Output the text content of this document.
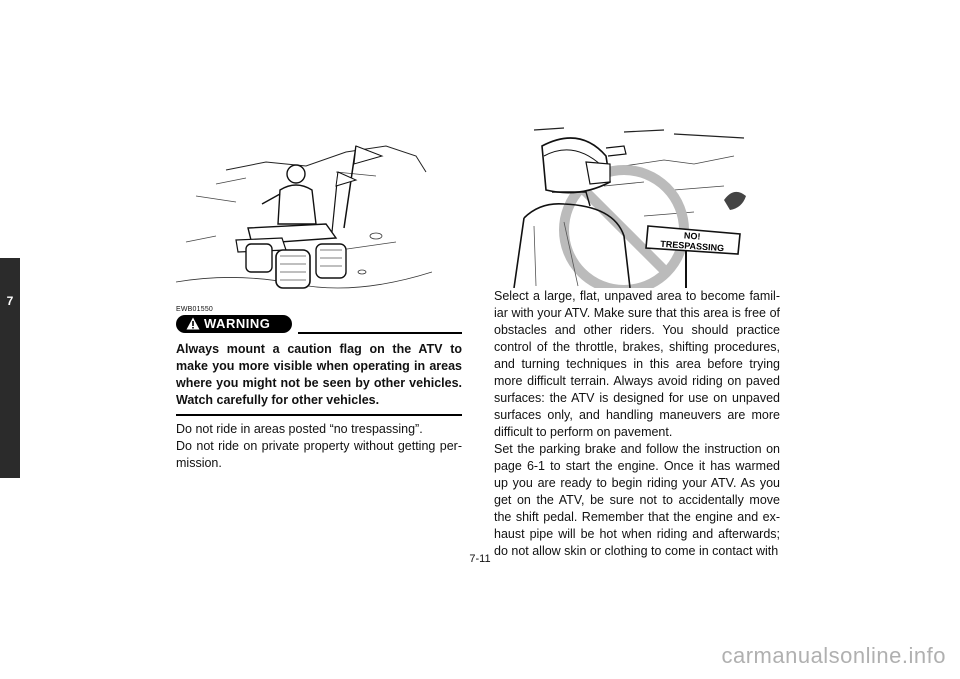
7
EWB01550
WARNING
Always mount a caution flag on the ATV to make you more visible when operating in areas where you might not be seen by other vehicles. Watch carefully for other vehicles.

Do not ride in areas posted “no trespassing”.

Do not ride on private property without getting per-mission.

NO!
TRESPASSING

Select a large, flat, unpaved area to become famil-iar with your ATV. Make sure that this area is free of obstacles and other riders. You should practice control of the throttle, brakes, shifting procedures, and turning techniques in this area before trying more difficult terrain. Always avoid riding on paved surfaces: the ATV is designed for use on unpaved surfaces only, and handling maneuvers are more difficult to perform on pavement.

Set the parking brake and follow the instruction on page 6-1 to start the engine. Once it has warmed up you are ready to begin riding your ATV. As you get on the ATV, be sure not to accidentally move the shift pedal. Remember that the engine and ex-haust pipe will be hot when riding and afterwards; do not allow skin or clothing to come in contact with

7-11
carmanualsonline.info
